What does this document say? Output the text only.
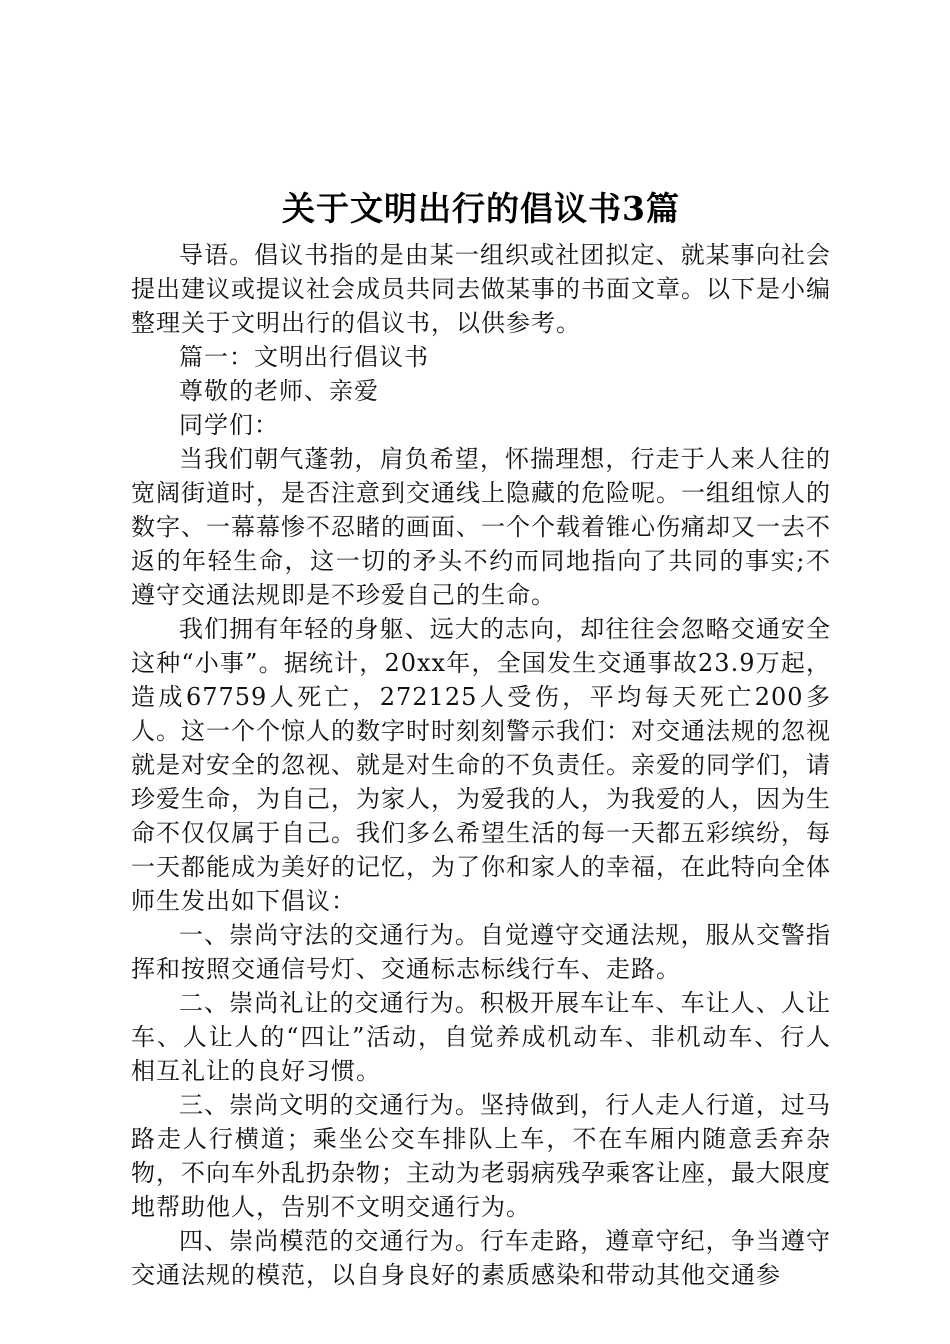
关于文明出行的倡议书3篇

导语。倡议书指的是由某一组织或社团拟定、就某事向社会提出建议或提议社会成员共同去做某事的书面文章。以下是小编整理关于文明出行的倡议书，以供参考。

篇一：文明出行倡议书

尊敬的老师、亲爱

同学们：

当我们朝气蓬勃，肩负希望，怀揣理想，行走于人来人往的宽阔街道时，是否注意到交通线上隐藏的危险呢。一组组惊人的数字、一幕幕惨不忍睹的画面、一个个载着锥心伤痛却又一去不返的年轻生命，这一切的矛头不约而同地指向了共同的事实;不遵守交通法规即是不珍爱自己的生命。

我们拥有年轻的身躯、远大的志向，却往往会忽略交通安全这种“小事”。据统计，20xx年，全国发生交通事故23.9万起，造成67759人死亡，272125人受伤，平均每天死亡200多人。这一个个惊人的数字时时刻刻警示我们：对交通法规的忽视就是对安全的忽视、就是对生命的不负责任。亲爱的同学们，请珍爱生命，为自己，为家人，为爱我的人，为我爱的人，因为生命不仅仅属于自己。我们多么希望生活的每一天都五彩缤纷，每一天都能成为美好的记忆，为了你和家人的幸福，在此特向全体师生发出如下倡议：

一、崇尚守法的交通行为。自觉遵守交通法规，服从交警指挥和按照交通信号灯、交通标志标线行车、走路。

二、崇尚礼让的交通行为。积极开展车让车、车让人、人让车、人让人的“四让”活动，自觉养成机动车、非机动车、行人相互礼让的良好习惯。

三、崇尚文明的交通行为。坚持做到，行人走人行道，过马路走人行横道；乘坐公交车排队上车，不在车厢内随意丢弃杂物，不向车外乱扔杂物；主动为老弱病残孕乘客让座，最大限度地帮助他人，告别不文明交通行为。

四、崇尚模范的交通行为。行车走路，遵章守纪，争当遵守交通法规的模范，以自身良好的素质感染和带动其他交通参
